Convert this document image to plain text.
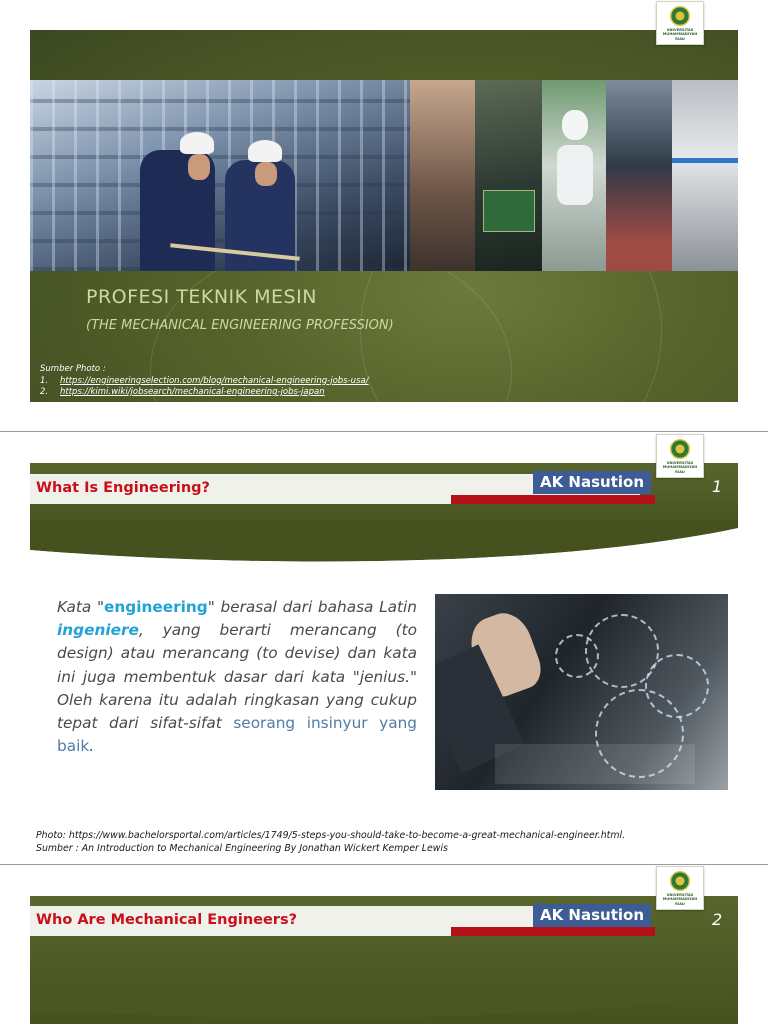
PROFESI TEKNIK MESIN
(THE MECHANICAL ENGINEERING PROFESSION)
Sumber Photo :
1.	https://engineeringselection.com/blog/mechanical-engineering-jobs-usa/
2.	https://kimi.wiki/jobsearch/mechanical-engineering-jobs-japan
UNIVERSITAS
MUHAMMADIYAH
RIAU
What Is Engineering?	AK Nasution	1
UNIVERSITAS
MUHAMMADIYAH
RIAU
Kata "engineering" berasal dari bahasa Latin ingeniere, yang berarti merancang (to design) atau merancang (to devise) dan kata ini juga membentuk dasar dari kata "jenius." Oleh karena itu adalah ringkasan yang cukup tepat dari sifat-sifat seorang insinyur yang baik.
Photo: https://www.bachelorsportal.com/articles/1749/5-steps-you-should-take-to-become-a-great-mechanical-engineer.html.
Sumber : An Introduction to Mechanical Engineering By Jonathan Wickert Kemper Lewis
Who Are Mechanical Engineers?	AK Nasution	2
UNIVERSITAS
MUHAMMADIYAH
RIAU
